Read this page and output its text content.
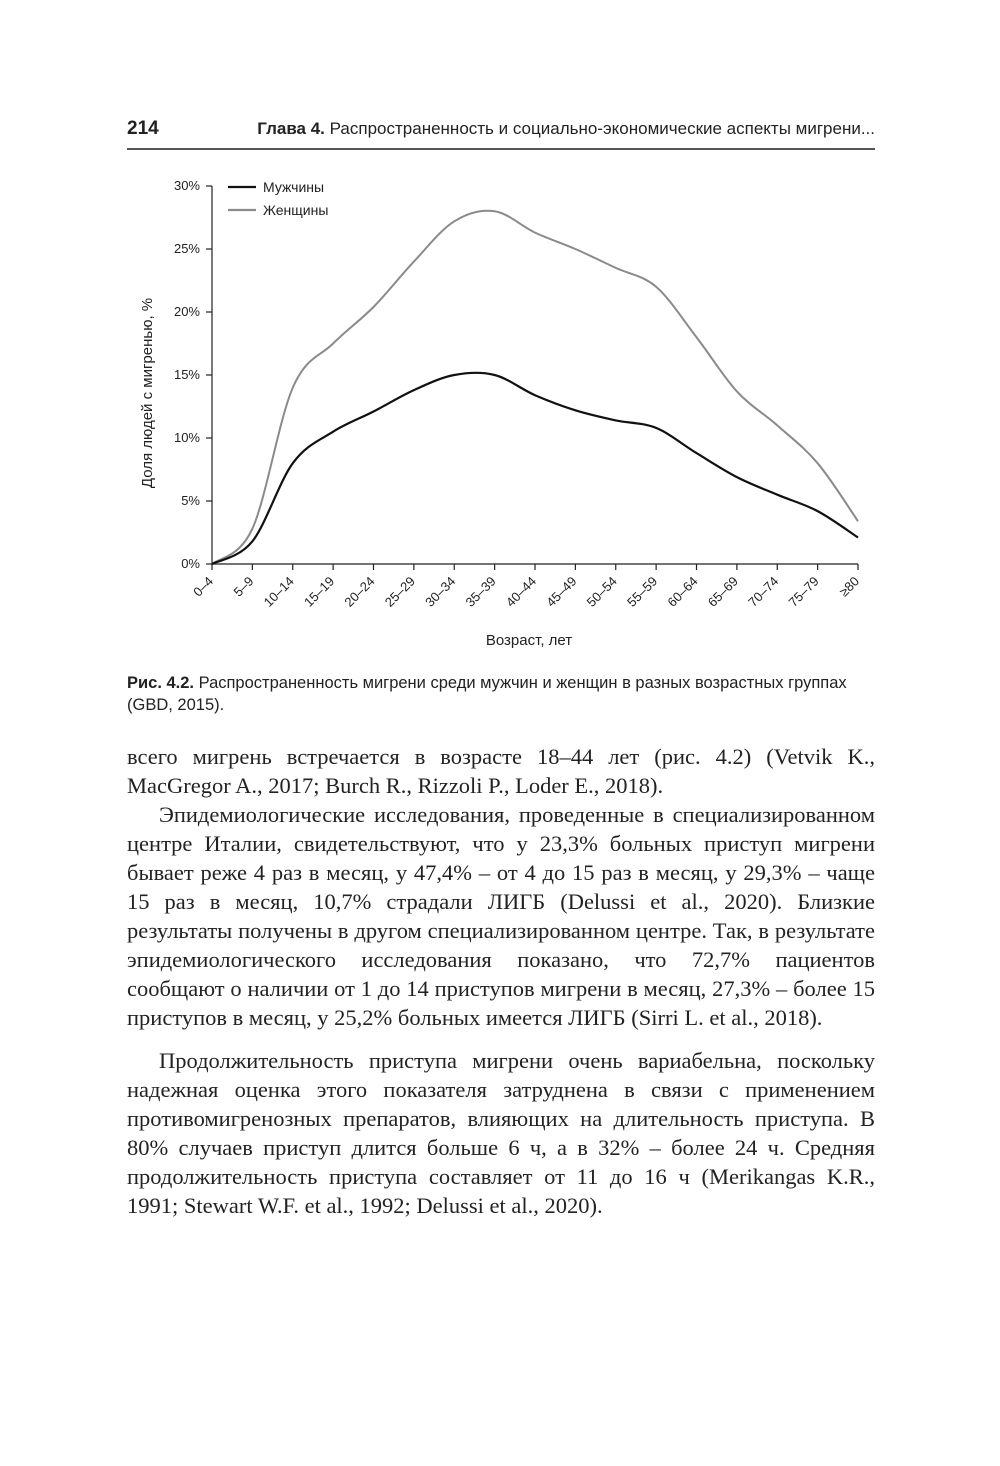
214	Глава 4. Распространенность и социально-экономические аспекты мигрени...
0%
5%
10%
15%
20%
25%
30%
0–4 5–9 10–14 15–19 20–24 25–29 30–34 35–39 40–44 45–49 50–54 55–59 60–64 65–69 70–74 75–79 ≥80
Мужчины
Женщины
Доля людей с мигренью, %
Возраст, лет
Рис. 4.2. Распространенность мигрени среди мужчин и женщин в разных возрастных группах (GBD, 2015).

всего мигрень встречается в возрасте 18–44 лет (рис. 4.2) (Vetvik K., MacGregor A., 2017; Burch R., Rizzoli P., Loder E., 2018).

Эпидемиологические исследования, проведенные в специализированном центре Италии, свидетельствуют, что у 23,3% больных приступ мигрени бывает реже 4 раз в месяц, у 47,4% – от 4 до 15 раз в месяц, у 29,3% – чаще 15 раз в месяц, 10,7% страдали ЛИГБ (Delussi et al., 2020). Близкие результаты получены в другом специализированном центре. Так, в результате эпидемиологического исследования показано, что 72,7% пациентов сообщают о наличии от 1 до 14 приступов мигрени в месяц, 27,3% – более 15 приступов в месяц, у 25,2% больных имеется ЛИГБ (Sirri L. et al., 2018).

Продолжительность приступа мигрени очень вариабельна, поскольку надежная оценка этого показателя затруднена в связи с применением противомигренозных препаратов, влияющих на длительность приступа. В 80% случаев приступ длится больше 6 ч, а в 32% – более 24 ч. Средняя продолжительность приступа составляет от 11 до 16 ч (Merikangas K.R., 1991; Stewart W.F. et al., 1992; Delussi et al., 2020).
